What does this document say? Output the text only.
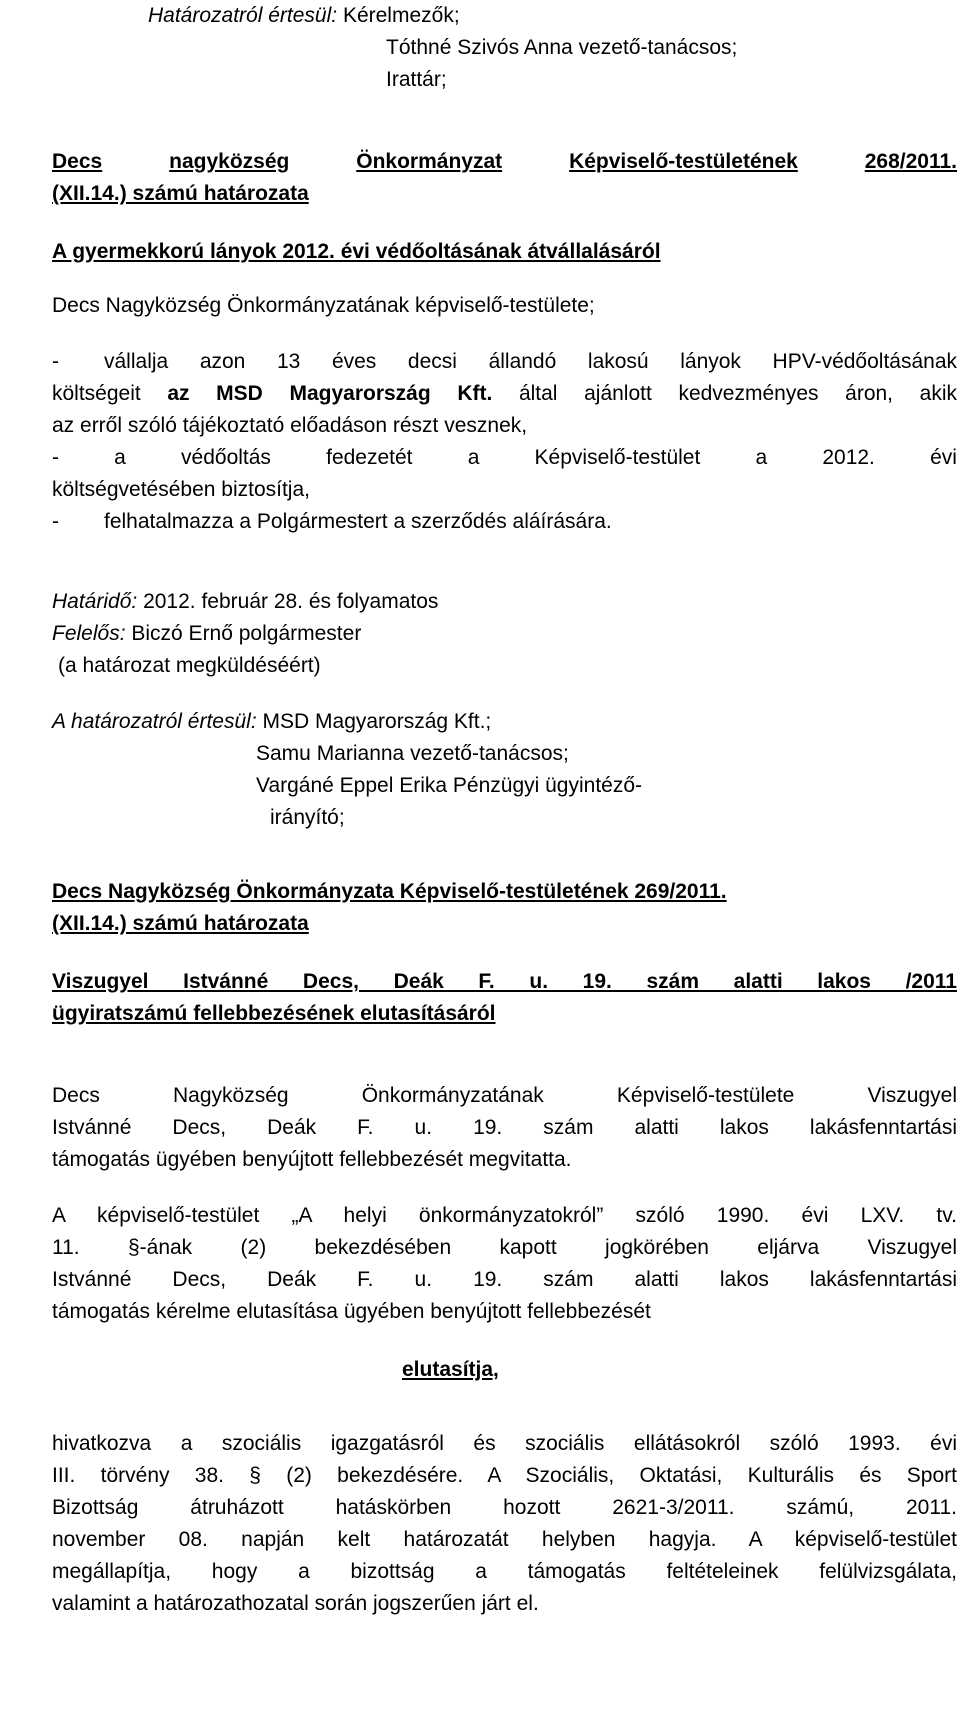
Határozatról értesül: Kérelmezők;
Tóthné Szivós Anna vezető-tanácsos;
Irattár;
Decs	nagyközség	Önkormányzat	Képviselő-testületének	268/2011.
(XII.14.) számú határozata
A gyermekkorú lányok 2012. évi védőoltásának átvállalásáról
Decs Nagyközség Önkormányzatának képviselő-testülete;
- vállalja azon 13 éves decsi állandó lakosú lányok HPV-védőoltásának
költségeit az MSD Magyarország Kft. által ajánlott kedvezményes áron, akik
az erről szóló tájékoztató előadáson részt vesznek,
-	a	védőoltás	fedezetét	a	Képviselő-testület	a	2012.	évi
költségvetésében biztosítja,
- felhatalmazza a Polgármestert a szerződés aláírására.
Határidő: 2012. február 28. és folyamatos
Felelős: Biczó Ernő polgármester
(a határozat megküldéséért)
A határozatról értesül: MSD Magyarország Kft.;
Samu Marianna vezető-tanácsos;
Vargáné Eppel Erika Pénzügyi ügyintéző-
irányító;
Decs Nagyközség Önkormányzata Képviselő-testületének 269/2011.
(XII.14.) számú határozata
Viszugyel Istvánné Decs, Deák F. u. 19. szám alatti lakos /2011
ügyiratszámú fellebbezésének elutasításáról
Decs Nagyközség Önkormányzatának Képviselő-testülete Viszugyel
Istvánné Decs, Deák F. u. 19. szám alatti lakos lakásfenntartási
támogatás ügyében benyújtott fellebbezését megvitatta.
A képviselő-testület „A helyi önkormányzatokról” szóló 1990. évi LXV. tv.
11. §-ának (2) bekezdésében kapott jogkörében eljárva Viszugyel
Istvánné Decs, Deák F. u. 19. szám alatti lakos lakásfenntartási
támogatás kérelme elutasítása ügyében benyújtott fellebbezését
elutasítja,
hivatkozva a szociális igazgatásról és szociális ellátásokról szóló 1993. évi
III. törvény 38. § (2) bekezdésére. A Szociális, Oktatási, Kulturális és Sport
Bizottság átruházott hatáskörben hozott 2621-3/2011. számú, 2011.
november 08. napján kelt határozatát helyben hagyja. A képviselő-testület
megállapítja, hogy a bizottság a támogatás feltételeinek felülvizsgálata,
valamint a határozathozatal során jogszerűen járt el.
